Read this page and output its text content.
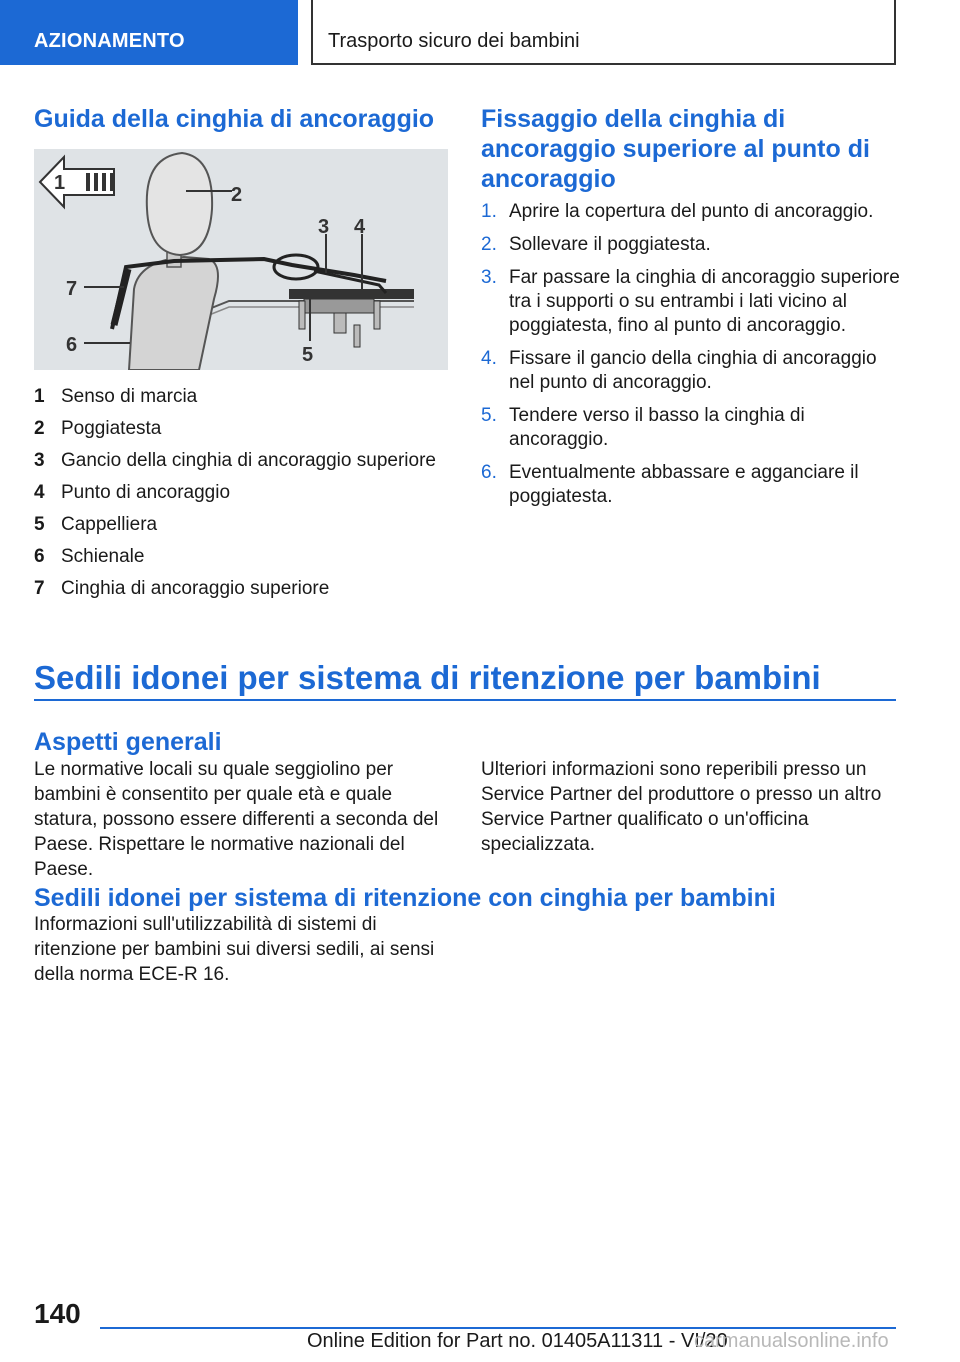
AZIONAMENTO	Trasporto sicuro dei bambini
Guida della cinghia di ancoraggio
1
2
3 4
5
6
7
1 Senso di marcia
2 Poggiatesta
3 Gancio della cinghia di ancoraggio superiore
4 Punto di ancoraggio
5 Cappelliera
6 Schienale
7 Cinghia di ancoraggio superiore
Fissaggio della cinghia di ancoraggio superiore al punto di ancoraggio
1. Aprire la copertura del punto di ancoraggio.
2. Sollevare il poggiatesta.
3. Far passare la cinghia di ancoraggio superiore tra i supporti o su entrambi i lati vicino al poggiatesta, fino al punto di ancoraggio.
4. Fissare il gancio della cinghia di ancoraggio nel punto di ancoraggio.
5. Tendere verso il basso la cinghia di ancoraggio.
6. Eventualmente abbassare e agganciare il poggiatesta.
Sedili idonei per sistema di ritenzione per bambini
Aspetti generali
Le normative locali su quale seggiolino per bambini è consentito per quale età e quale statura, possono essere differenti a seconda del Paese. Rispettare le normative nazionali del Paese.
Ulteriori informazioni sono reperibili presso un Service Partner del produttore o presso un altro Service Partner qualificato o un'officina specializzata.
Sedili idonei per sistema di ritenzione con cinghia per bambini
Informazioni sull'utilizzabilità di sistemi di ritenzione per bambini sui diversi sedili, ai sensi della norma ECE-R 16.
140
Online Edition for Part no. 01405A11311 - VI/20
carmanualsonline.info
